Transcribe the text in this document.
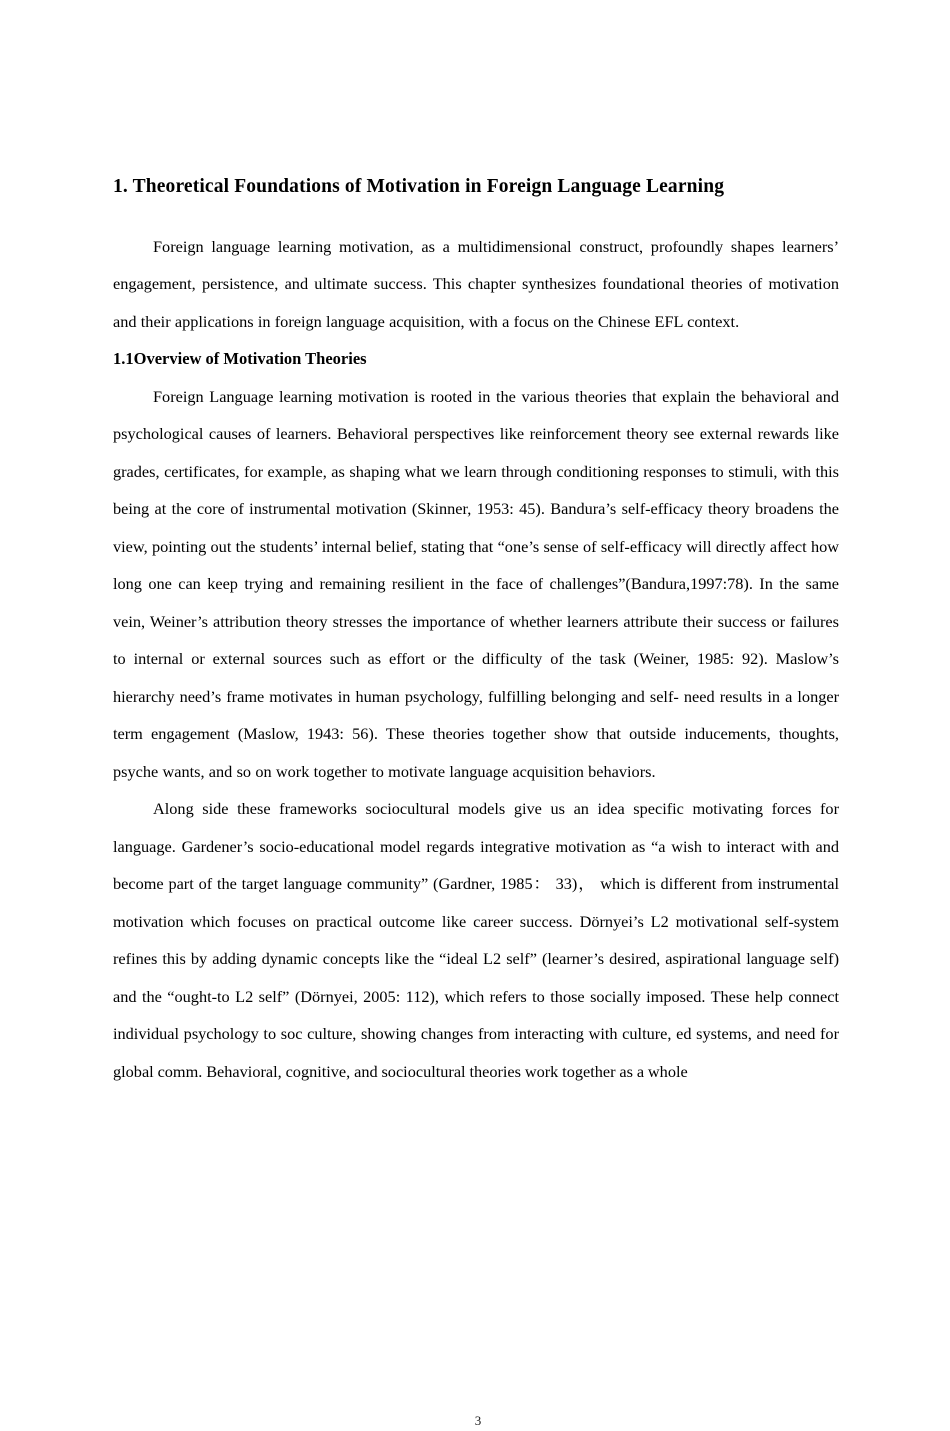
1. Theoretical Foundations of Motivation in Foreign Language Learning

Foreign language learning motivation, as a multidimensional construct, profoundly shapes learners’ engagement, persistence, and ultimate success. This chapter synthesizes foundational theories of motivation and their applications in foreign language acquisition, with a focus on the Chinese EFL context.

1.1Overview of Motivation Theories

Foreign Language learning motivation is rooted in the various theories that explain the behavioral and psychological causes of learners. Behavioral perspectives like reinforcement theory see external rewards like grades, certificates, for example, as shaping what we learn through conditioning responses to stimuli, with this being at the core of instrumental motivation (Skinner, 1953: 45). Bandura’s self-efficacy theory broadens the view, pointing out the students’ internal belief, stating that “one’s sense of self-efficacy will directly affect how long one can keep trying and remaining resilient in the face of challenges”(Bandura,1997:78). In the same vein, Weiner’s attribution theory stresses the importance of whether learners attribute their success or failures to internal or external sources such as effort or the difficulty of the task (Weiner, 1985: 92). Maslow’s hierarchy need’s frame motivates in human psychology, fulfilling belonging and self- need results in a longer term engagement (Maslow, 1943: 56). These theories together show that outside inducements, thoughts, psyche wants, and so on work together to motivate language acquisition behaviors.

Along side these frameworks sociocultural models give us an idea specific motivating forces for language. Gardener’s socio-educational model regards integrative motivation as “a wish to interact with and become part of the target language community” (Gardner, 1985： 33)， which is different from instrumental motivation which focuses on practical outcome like career success. Dörnyei’s L2 motivational self-system refines this by adding dynamic concepts like the “ideal L2 self” (learner’s desired, aspirational language self) and the “ought-to L2 self” (Dörnyei, 2005: 112), which refers to those socially imposed. These help connect individual psychology to soc culture, showing changes from interacting with culture, ed systems, and need for global comm. Behavioral, cognitive, and sociocultural theories work together as a whole

3
